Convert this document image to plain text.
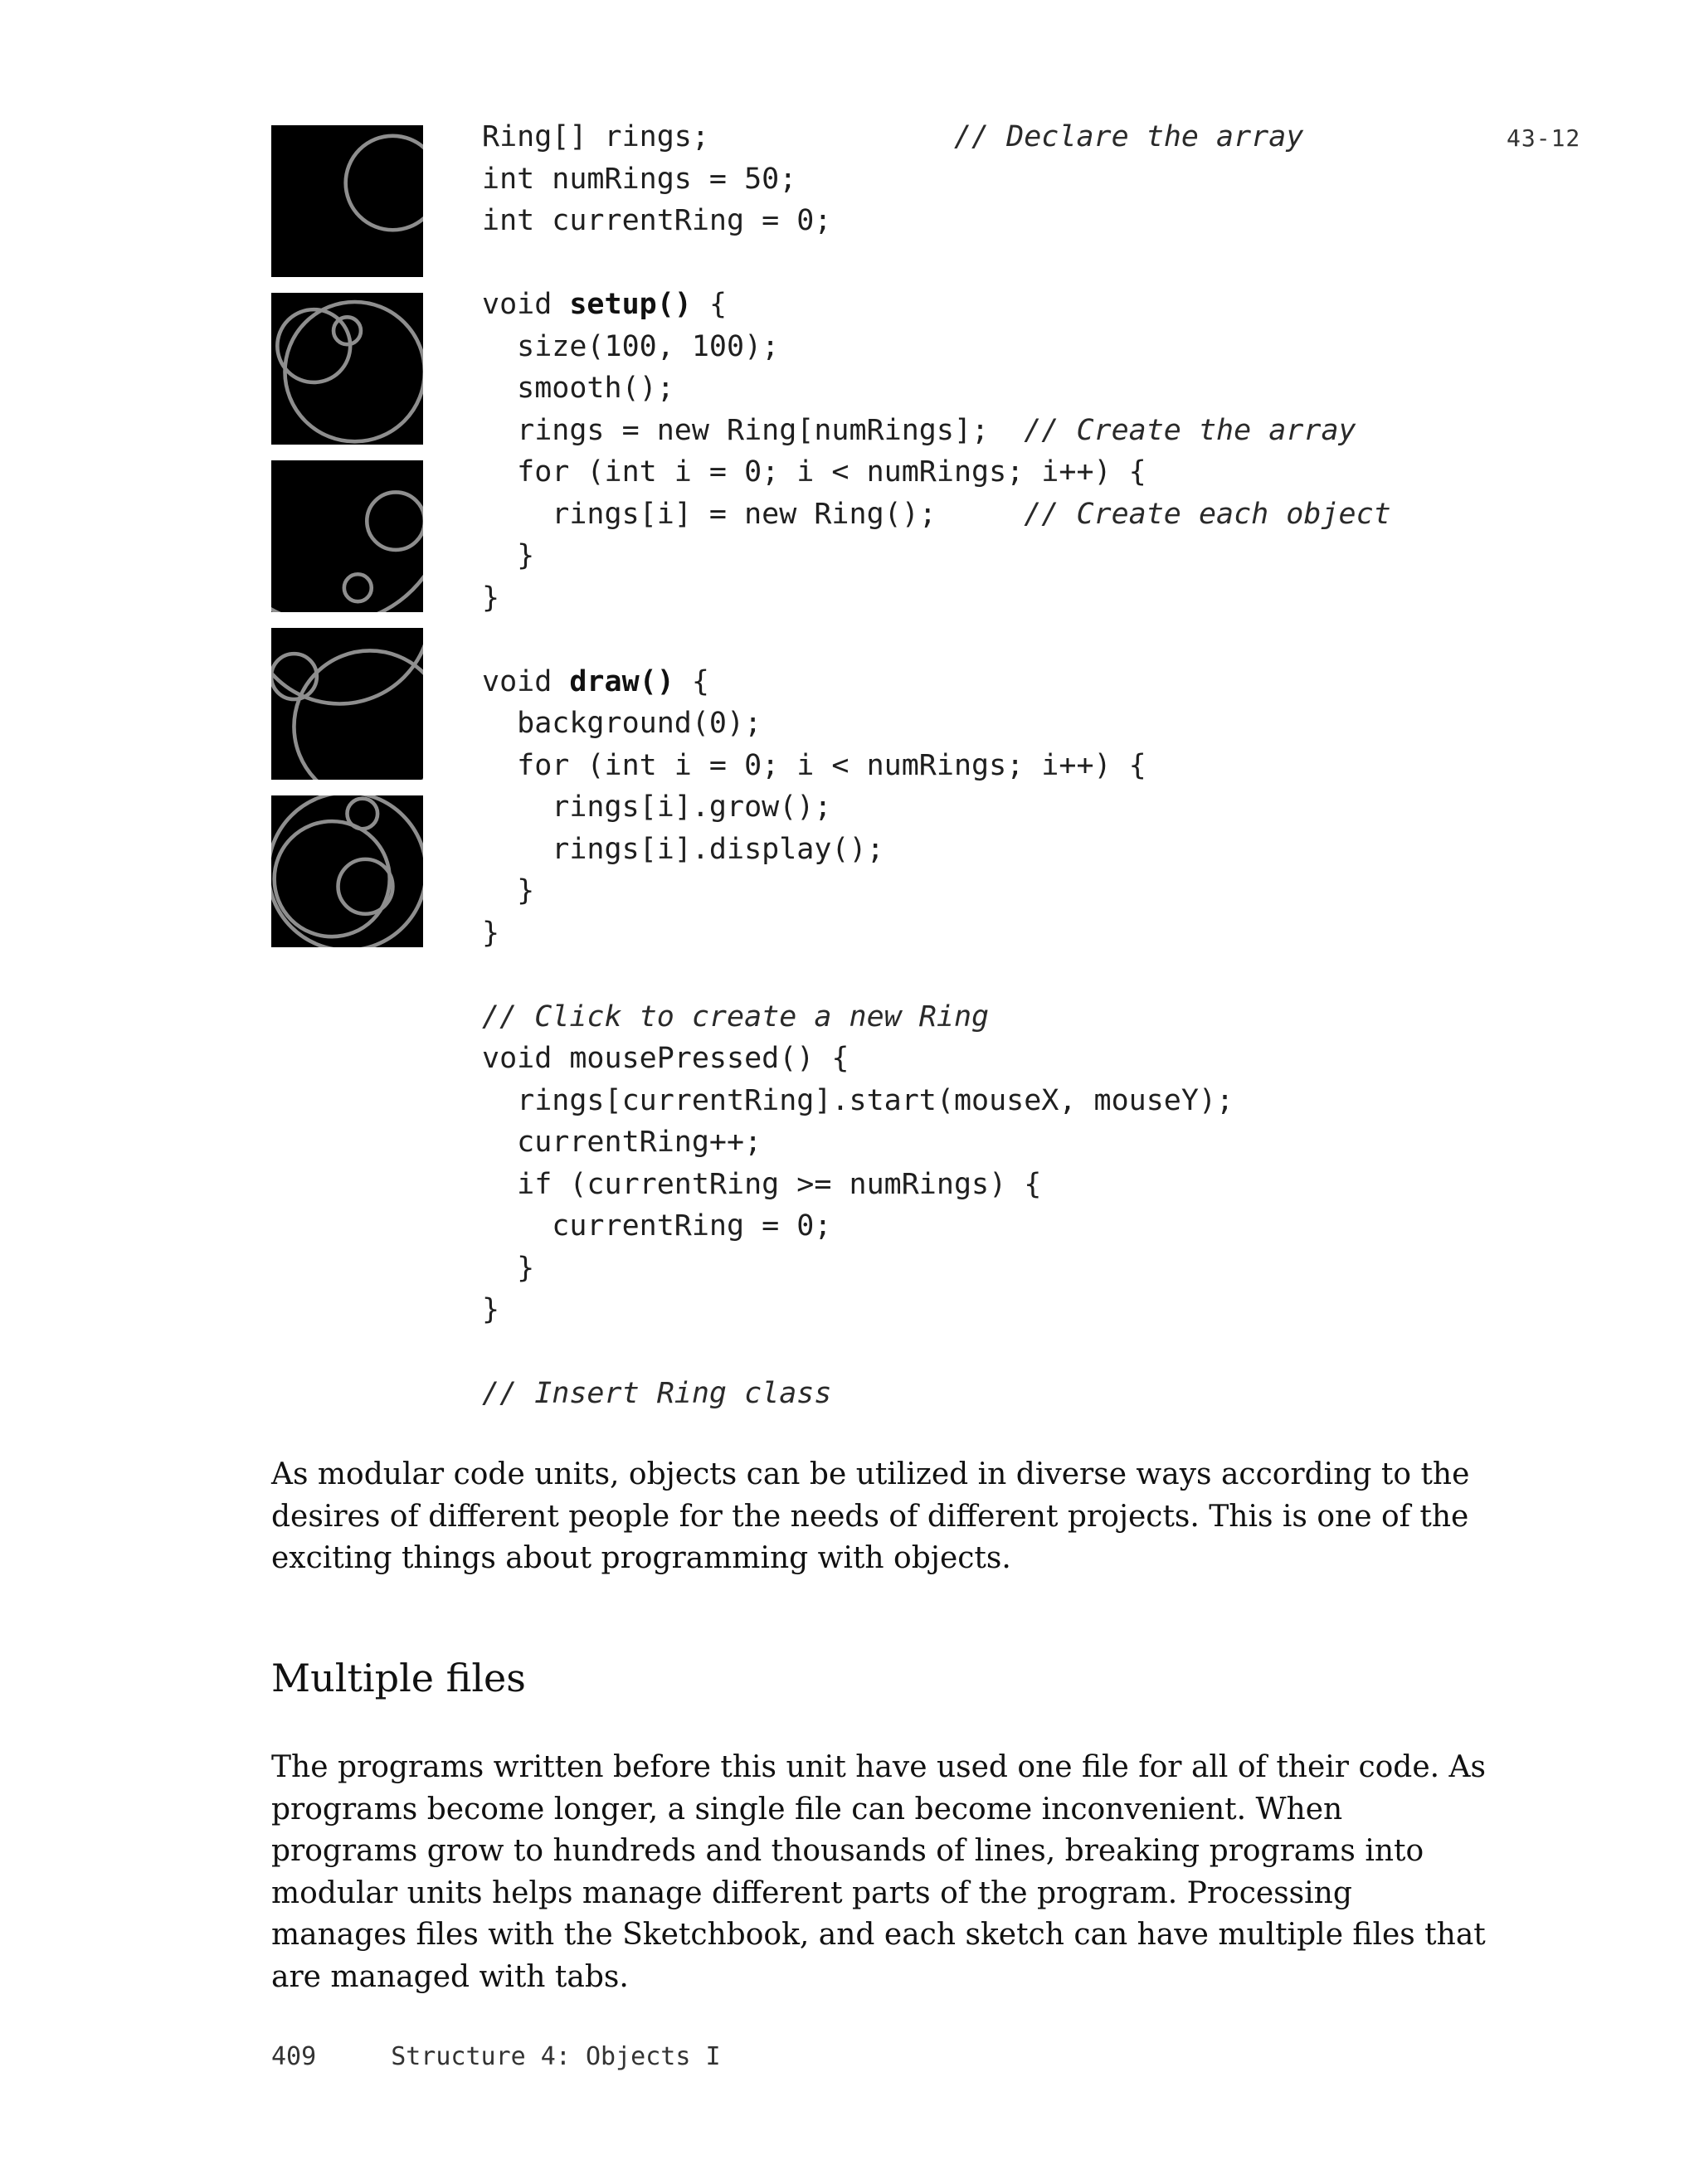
43-12
Ring[] rings;              // Declare the array
int numRings = 50;
int currentRing = 0;
void setup() {
size(100, 100);
smooth();
rings = new Ring[numRings];  // Create the array
for (int i = 0; i < numRings; i++) {
rings[i] = new Ring();     // Create each object
}
}
void draw() {
background(0);
for (int i = 0; i < numRings; i++) {
rings[i].grow();
rings[i].display();
}
}
// Click to create a new Ring
void mousePressed() {
rings[currentRing].start(mouseX, mouseY);
currentRing++;
if (currentRing >= numRings) {
currentRing = 0;
}
}
// Insert Ring class

As modular code units, objects can be utilized in diverse ways according to the desires of different people for the needs of different projects. This is one of the exciting things about programming with objects.

Multiple files

The programs written before this unit have used one file for all of their code. As programs become longer, a single file can become inconvenient. When programs grow to hundreds and thousands of lines, breaking programs into modular units helps manage different parts of the program. Processing manages files with the Sketchbook, and each sketch can have multiple files that are managed with tabs.

409	Structure 4: Objects I
